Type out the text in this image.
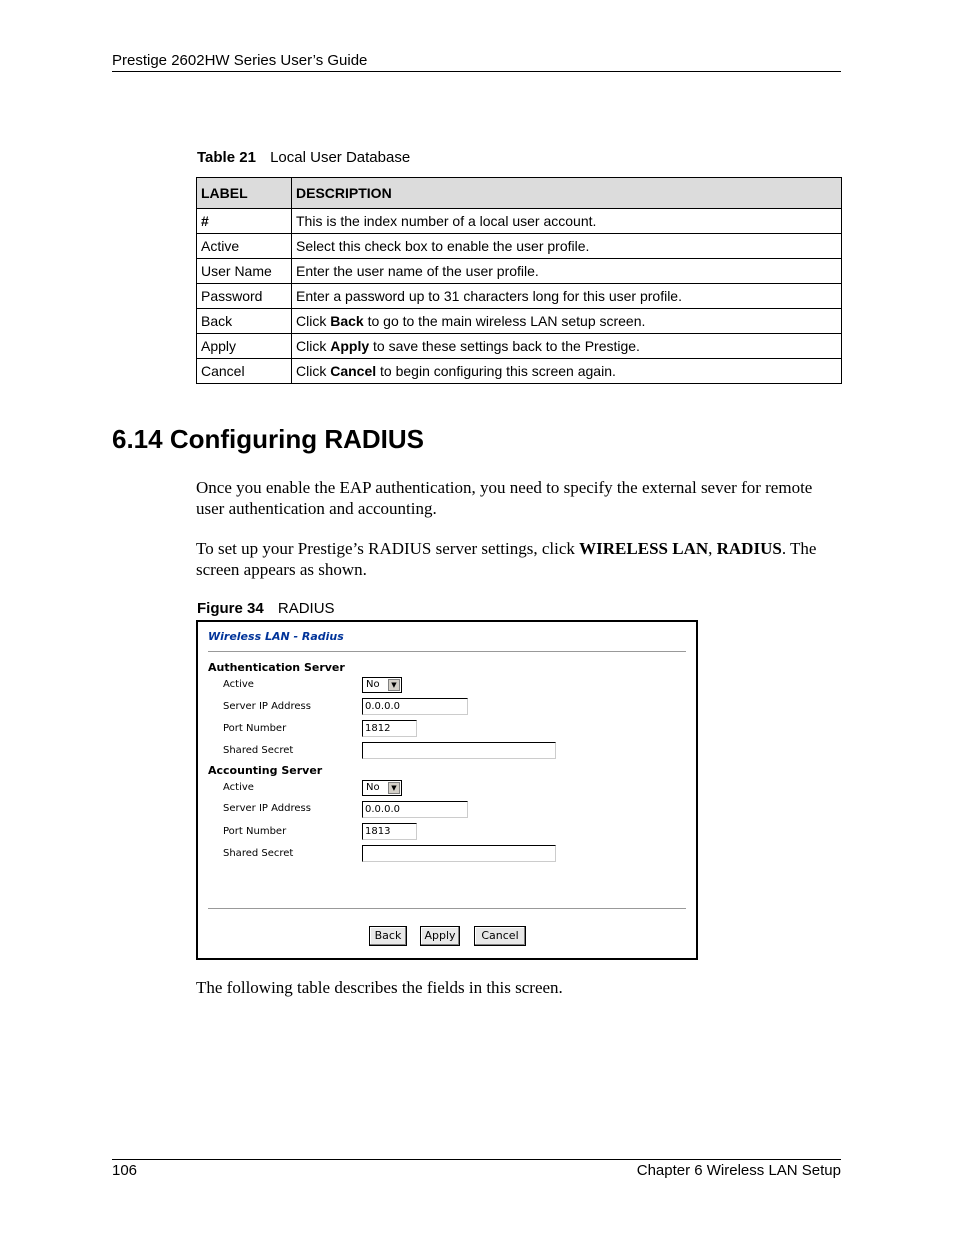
Prestige 2602HW Series User’s Guide
Table 21 Local User Database
LABEL	DESCRIPTION
#	This is the index number of a local user account.
Active	Select this check box to enable the user profile.
User Name	Enter the user name of the user profile.
Password	Enter a password up to 31 characters long for this user profile.
Back	Click Back to go to the main wireless LAN setup screen.
Apply	Click Apply to save these settings back to the Prestige.
Cancel	Click Cancel to begin configuring this screen again.
6.14 Configuring RADIUS

Once you enable the EAP authentication, you need to specify the external sever for remote user authentication and accounting.

To set up your Prestige’s RADIUS server settings, click WIRELESS LAN, RADIUS. The screen appears as shown.

Figure 34 RADIUS
Wireless LAN - Radius
Authentication Server
Active	No	▼
Server IP Address	0.0.0.0
Port Number	1812
Shared Secret
Accounting Server
Active	No	▼
Server IP Address	0.0.0.0
Port Number	1813
Shared Secret
Back	Apply	Cancel

The following table describes the fields in this screen.

106	Chapter 6 Wireless LAN Setup
